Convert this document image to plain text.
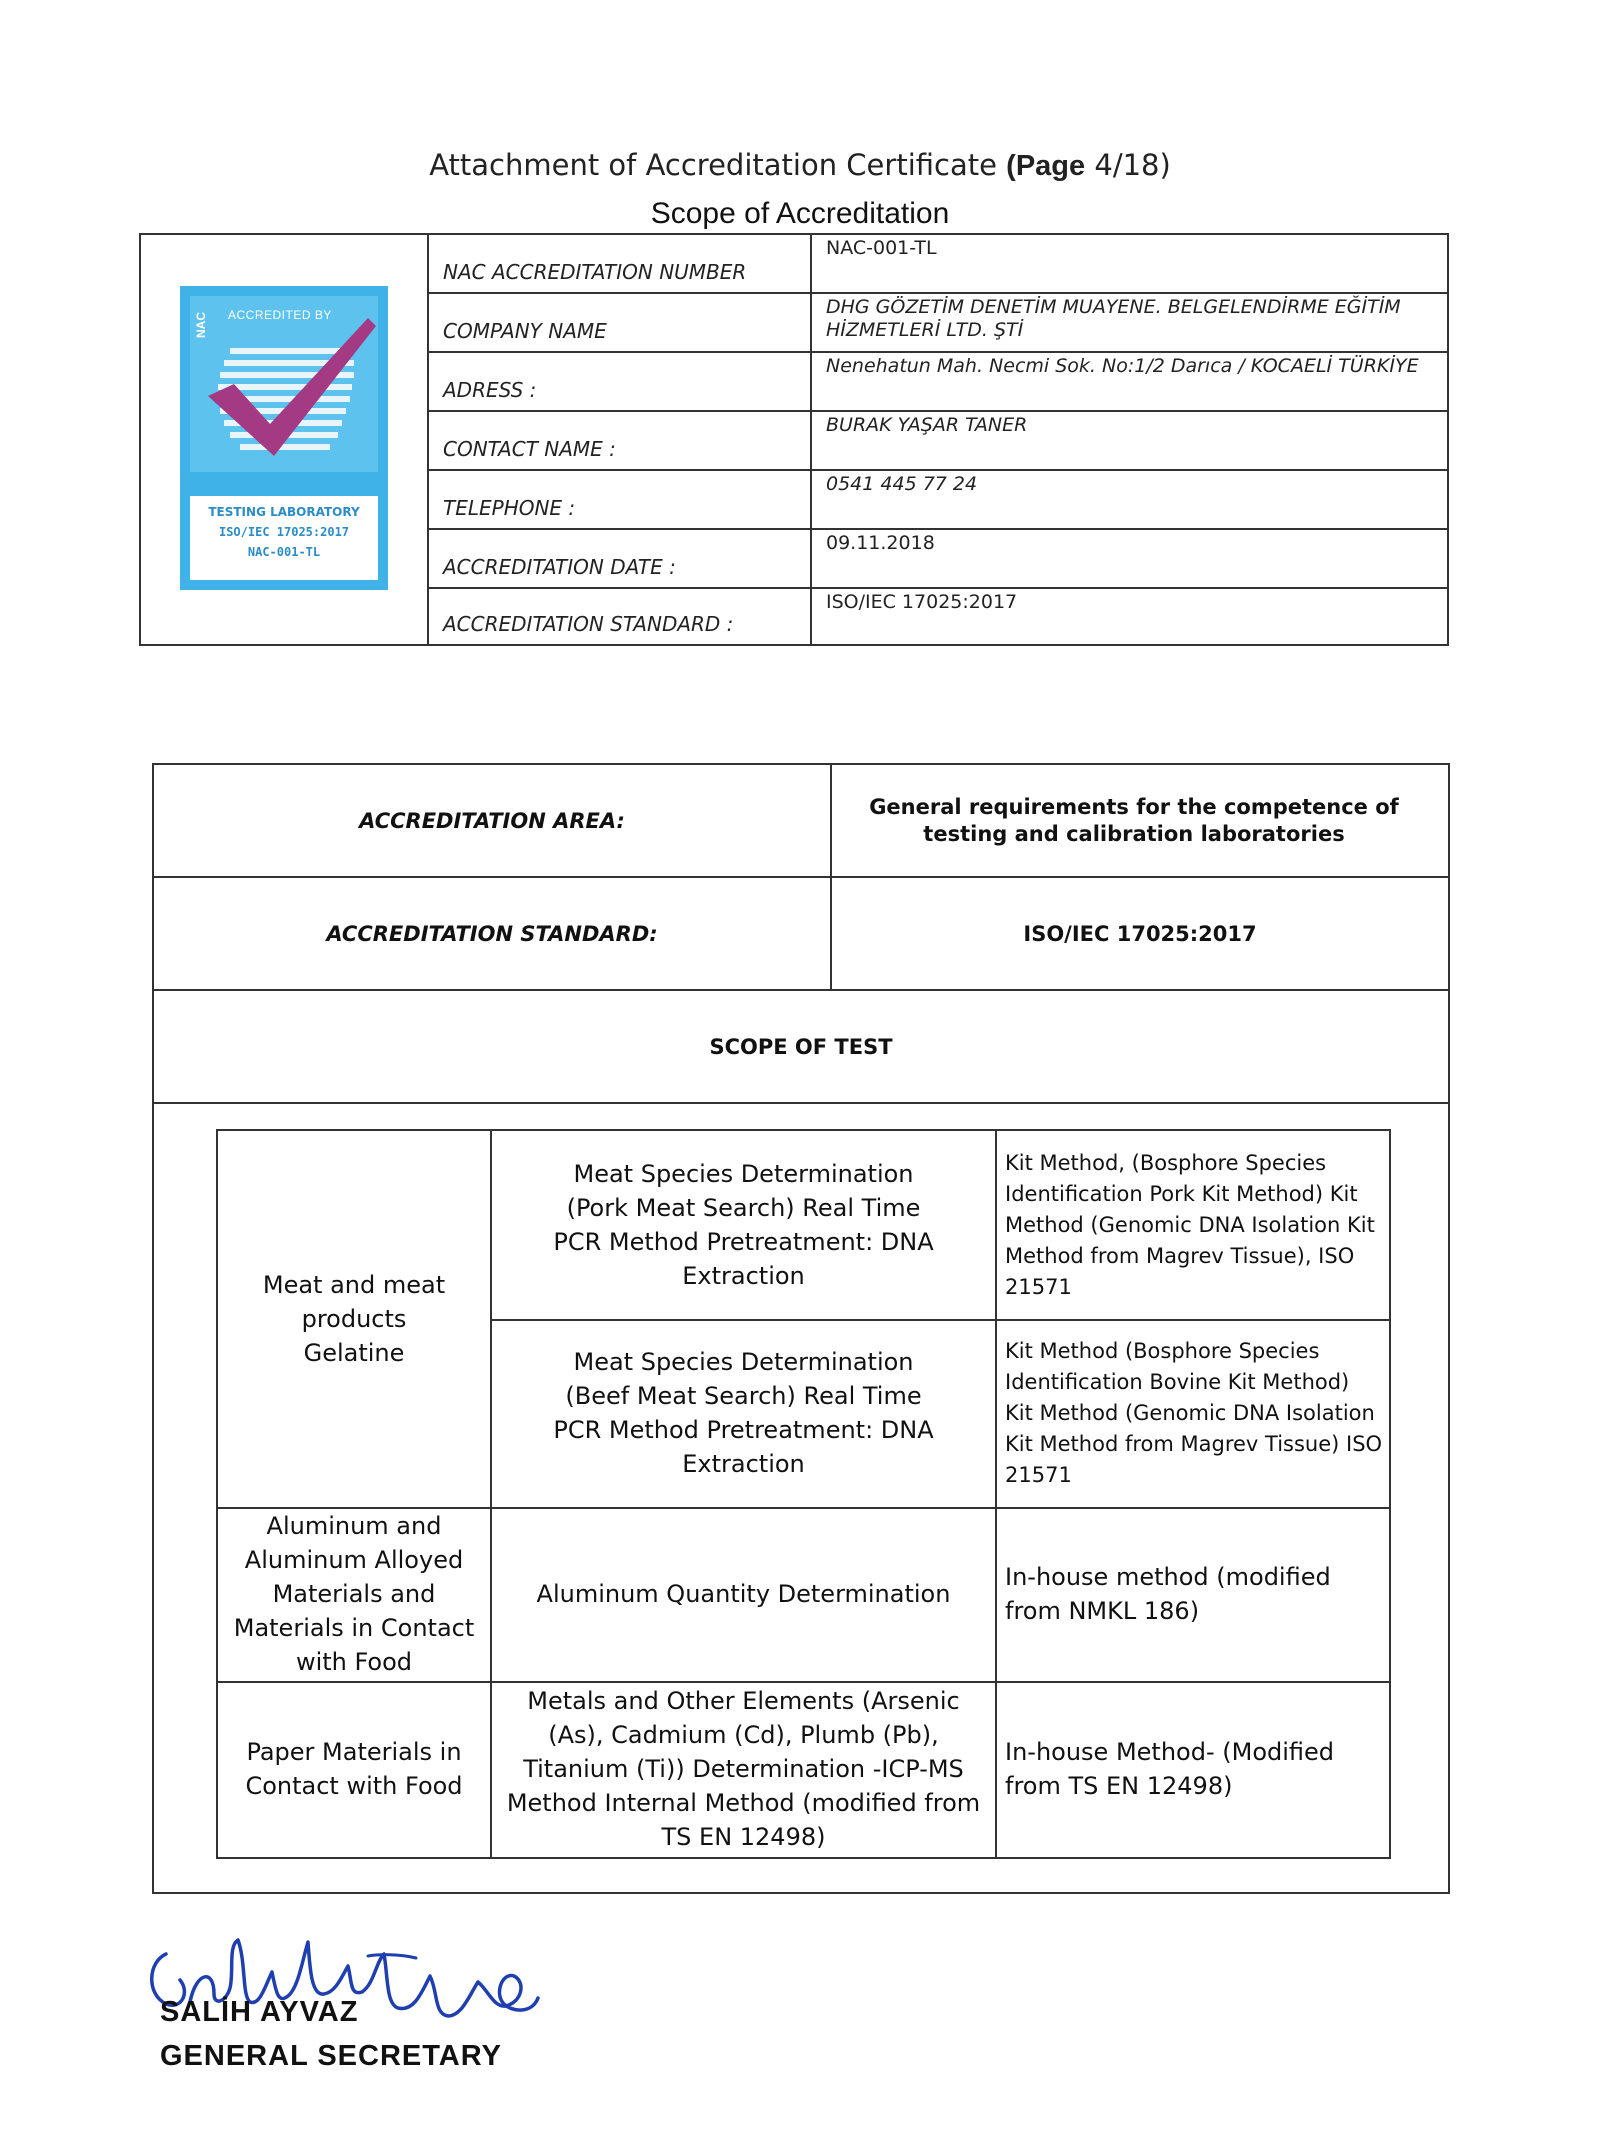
Attachment of Accreditation Certificate (Page 4/18)
Scope of Accreditation
NAC ACCREDITATION NUMBER
NAC-001-TL
COMPANY NAME
DHG GÖZETİM DENETİM MUAYENE. BELGELENDİRME EĞİTİM HİZMETLERİ LTD. ŞTİ
ADRESS :
Nenehatun Mah. Necmi Sok. No:1/2 Darıca / KOCAELİ TÜRKİYE
CONTACT NAME :
BURAK YAŞAR TANER
TELEPHONE :
0541 445 77 24
ACCREDITATION DATE :
09.11.2018
ACCREDITATION STANDARD :
ISO/IEC 17025:2017
ACCREDITED BY
NAC
TESTING LABORATORY
ISO/IEC 17025:2017
NAC-001-TL
ACCREDITATION AREA:
General requirements for the competence of testing and calibration laboratories
ACCREDITATION STANDARD:	ISO/IEC 17025:2017
SCOPE OF TEST
Meat and meat products Gelatine
Aluminum and Aluminum Alloyed Materials and Materials in Contact with Food
Paper Materials in Contact with Food
Meat Species Determination (Pork Meat Search) Real Time PCR Method Pretreatment: DNA Extraction
Meat Species Determination (Beef Meat Search) Real Time PCR Method Pretreatment: DNA Extraction
Aluminum Quantity Determination
Metals and Other Elements (Arsenic (As), Cadmium (Cd), Plumb (Pb), Titanium (Ti)) Determination -ICP-MS Method Internal Method (modified from TS EN 12498)
Kit Method, (Bosphore Species Identification Pork Kit Method) Kit Method (Genomic DNA Isolation Kit Method from Magrev Tissue), ISO 21571
Kit Method (Bosphore Species Identification Bovine Kit Method) Kit Method (Genomic DNA Isolation Kit Method from Magrev Tissue) ISO 21571
In-house method (modified from NMKL 186)
In-house Method- (Modified from TS EN 12498)
SALİH AYVAZ
GENERAL SECRETARY
